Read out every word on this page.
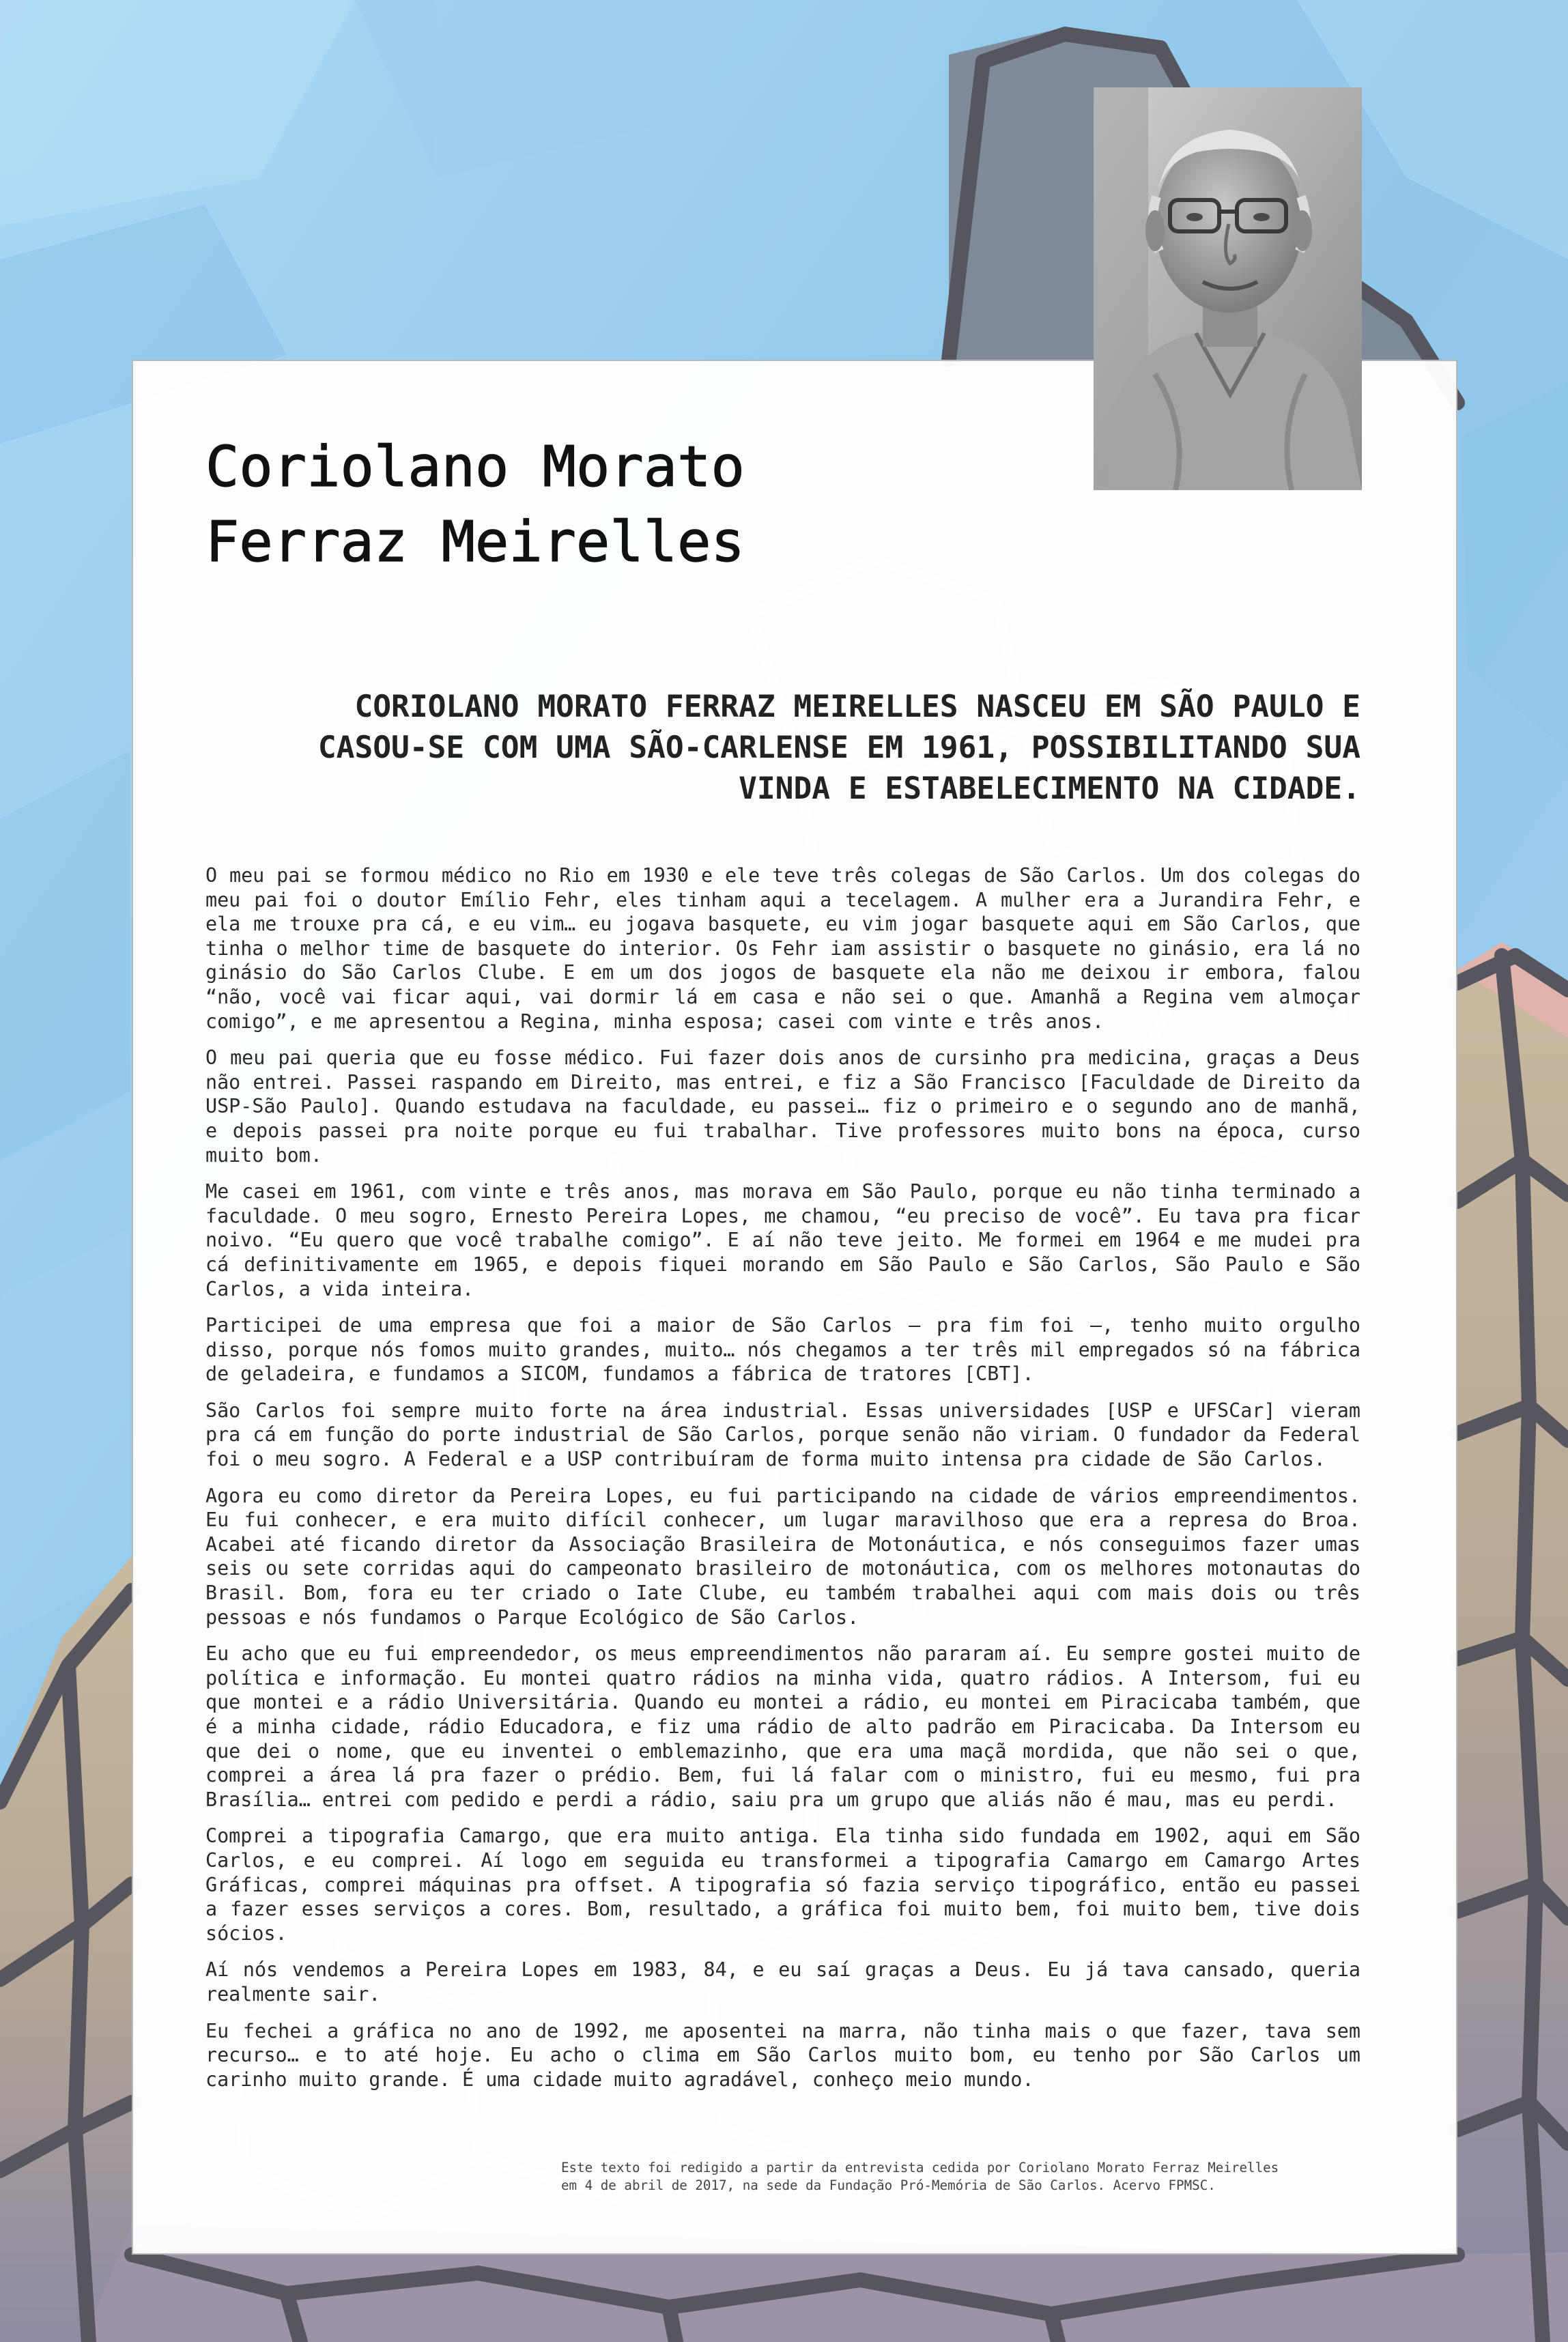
Coriolano Morato
Ferraz Meirelles

CORIOLANO MORATO FERRAZ MEIRELLES NASCEU EM SÃO PAULO E CASOU-SE COM UMA SÃO-CARLENSE EM 1961, POSSIBILITANDO SUA VINDA E ESTABELECIMENTO NA CIDADE.

O meu pai se formou médico no Rio em 1930 e ele teve três colegas de São Carlos. Um dos colegas do meu pai foi o doutor Emílio Fehr, eles tinham aqui a tecelagem. A mulher era a Jurandira Fehr, e ela me trouxe pra cá, e eu vim… eu jogava basquete, eu vim jogar basquete aqui em São Carlos, que tinha o melhor time de basquete do interior. Os Fehr iam assistir o basquete no ginásio, era lá no ginásio do São Carlos Clube. E em um dos jogos de basquete ela não me deixou ir embora, falou “não, você vai ficar aqui, vai dormir lá em casa e não sei o que. Amanhã a Regina vem almoçar comigo”, e me apresentou a Regina, minha esposa; casei com vinte e três anos.

O meu pai queria que eu fosse médico. Fui fazer dois anos de cursinho pra medicina, graças a Deus não entrei. Passei raspando em Direito, mas entrei, e fiz a São Francisco [Faculdade de Direito da USP-São Paulo]. Quando estudava na faculdade, eu passei… fiz o primeiro e o segundo ano de manhã, e depois passei pra noite porque eu fui trabalhar. Tive professores muito bons na época, curso muito bom.

Me casei em 1961, com vinte e três anos, mas morava em São Paulo, porque eu não tinha terminado a faculdade. O meu sogro, Ernesto Pereira Lopes, me chamou, “eu preciso de você”. Eu tava pra ficar noivo. “Eu quero que você trabalhe comigo”. E aí não teve jeito. Me formei em 1964 e me mudei pra cá definitivamente em 1965, e depois fiquei morando em São Paulo e São Carlos, São Paulo e São Carlos, a vida inteira.

Participei de uma empresa que foi a maior de São Carlos – pra fim foi –, tenho muito orgulho disso, porque nós fomos muito grandes, muito… nós chegamos a ter três mil empregados só na fábrica de geladeira, e fundamos a SICOM, fundamos a fábrica de tratores [CBT].

São Carlos foi sempre muito forte na área industrial. Essas universidades [USP e UFSCar] vieram pra cá em função do porte industrial de São Carlos, porque senão não viriam. O fundador da Federal foi o meu sogro. A Federal e a USP contribuíram de forma muito intensa pra cidade de São Carlos.

Agora eu como diretor da Pereira Lopes, eu fui participando na cidade de vários empreendimentos. Eu fui conhecer, e era muito difícil conhecer, um lugar maravilhoso que era a represa do Broa. Acabei até ficando diretor da Associação Brasileira de Motonáutica, e nós conseguimos fazer umas seis ou sete corridas aqui do campeonato brasileiro de motonáutica, com os melhores motonautas do Brasil. Bom, fora eu ter criado o Iate Clube, eu também trabalhei aqui com mais dois ou três pessoas e nós fundamos o Parque Ecológico de São Carlos.

Eu acho que eu fui empreendedor, os meus empreendimentos não pararam aí. Eu sempre gostei muito de política e informação. Eu montei quatro rádios na minha vida, quatro rádios. A Intersom, fui eu que montei e a rádio Universitária. Quando eu montei a rádio, eu montei em Piracicaba também, que é a minha cidade, rádio Educadora, e fiz uma rádio de alto padrão em Piracicaba. Da Intersom eu que dei o nome, que eu inventei o emblemazinho, que era uma maçã mordida, que não sei o que, comprei a área lá pra fazer o prédio. Bem, fui lá falar com o ministro, fui eu mesmo, fui pra Brasília… entrei com pedido e perdi a rádio, saiu pra um grupo que aliás não é mau, mas eu perdi.

Comprei a tipografia Camargo, que era muito antiga. Ela tinha sido fundada em 1902, aqui em São Carlos, e eu comprei. Aí logo em seguida eu transformei a tipografia Camargo em Camargo Artes Gráficas, comprei máquinas pra offset. A tipografia só fazia serviço tipográfico, então eu passei a fazer esses serviços a cores. Bom, resultado, a gráfica foi muito bem, foi muito bem, tive dois sócios.

Aí nós vendemos a Pereira Lopes em 1983, 84, e eu saí graças a Deus. Eu já tava cansado, queria realmente sair.

Eu fechei a gráfica no ano de 1992, me aposentei na marra, não tinha mais o que fazer, tava sem recurso… e to até hoje. Eu acho o clima em São Carlos muito bom, eu tenho por São Carlos um carinho muito grande. É uma cidade muito agradável, conheço meio mundo.

Este texto foi redigido a partir da entrevista cedida por Coriolano Morato Ferraz Meirelles

em 4 de abril de 2017, na sede da Fundação Pró-Memória de São Carlos. Acervo FPMSC.
